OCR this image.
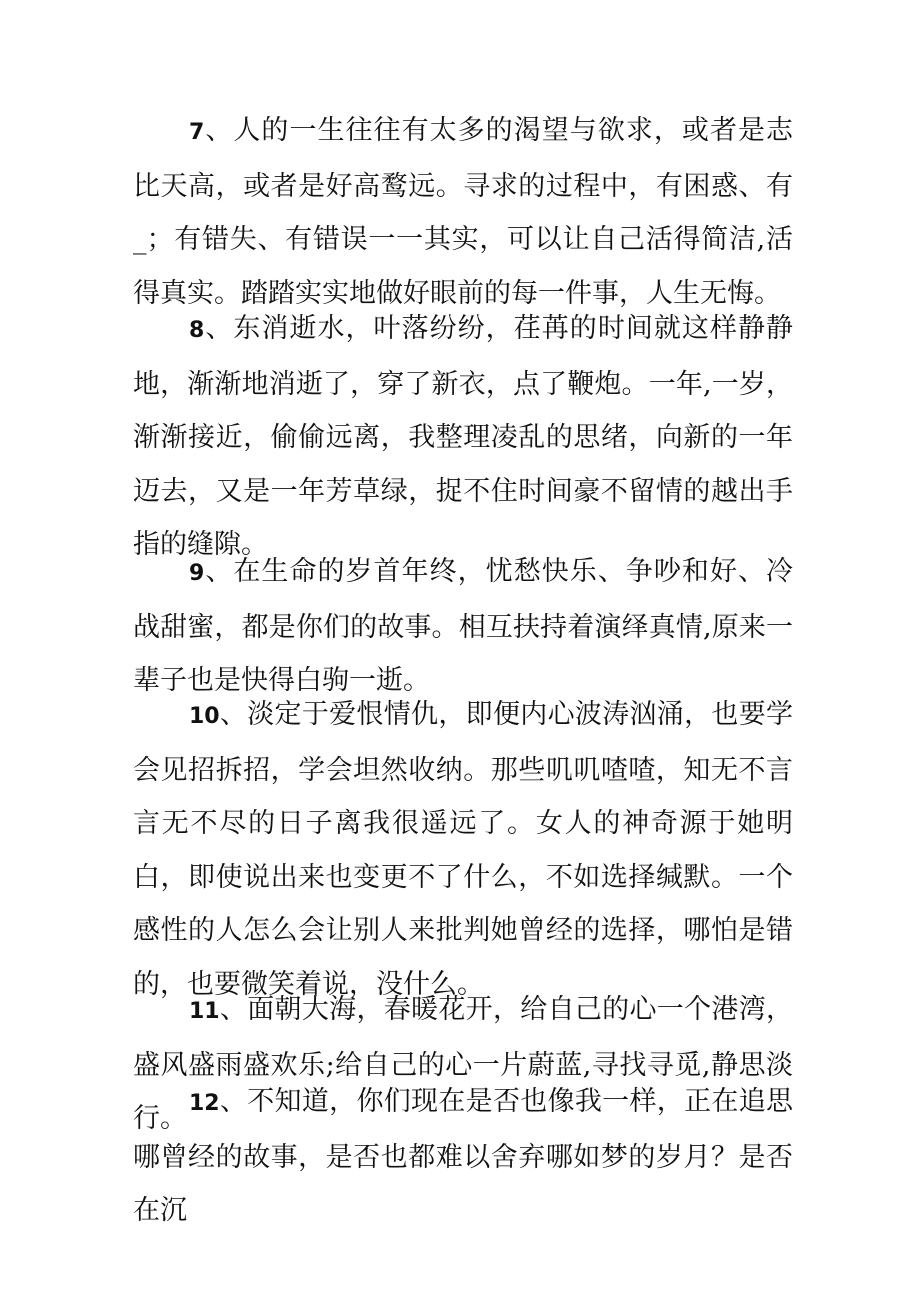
7、人的一生往往有太多的渴望与欲求，或者是志比天高，或者是好高鹜远。寻求的过程中，有困惑、有_；有错失、有错误一一其实，可以让自己活得简洁,活得真实。踏踏实实地做好眼前的每一件事，人生无悔。

8、东消逝水，叶落纷纷，荏苒的时间就这样静静地，渐渐地消逝了，穿了新衣，点了鞭炮。一年,一岁，渐渐接近，偷偷远离，我整理凌乱的思绪，向新的一年迈去，又是一年芳草绿，捉不住时间豪不留情的越出手指的缝隙。

9、在生命的岁首年终，忧愁快乐、争吵和好、冷战甜蜜，都是你们的故事。相互扶持着演绎真情,原来一辈子也是快得白驹一逝。

10、淡定于爱恨情仇，即便内心波涛汹涌，也要学会见招拆招，学会坦然收纳。那些叽叽喳喳，知无不言言无不尽的日子离我很遥远了。女人的神奇源于她明白，即使说出来也变更不了什么，不如选择缄默。一个感性的人怎么会让别人来批判她曾经的选择，哪怕是错的，也要微笑着说，没什么。

11、面朝大海，春暖花开，给自己的心一个港湾，盛风盛雨盛欢乐;给自己的心一片蔚蓝,寻找寻觅,静思淡行。 12、不知道，你们现在是否也像我一样，正在追思哪曾经的故事，是否也都难以舍弃哪如梦的岁月？是否在沉
